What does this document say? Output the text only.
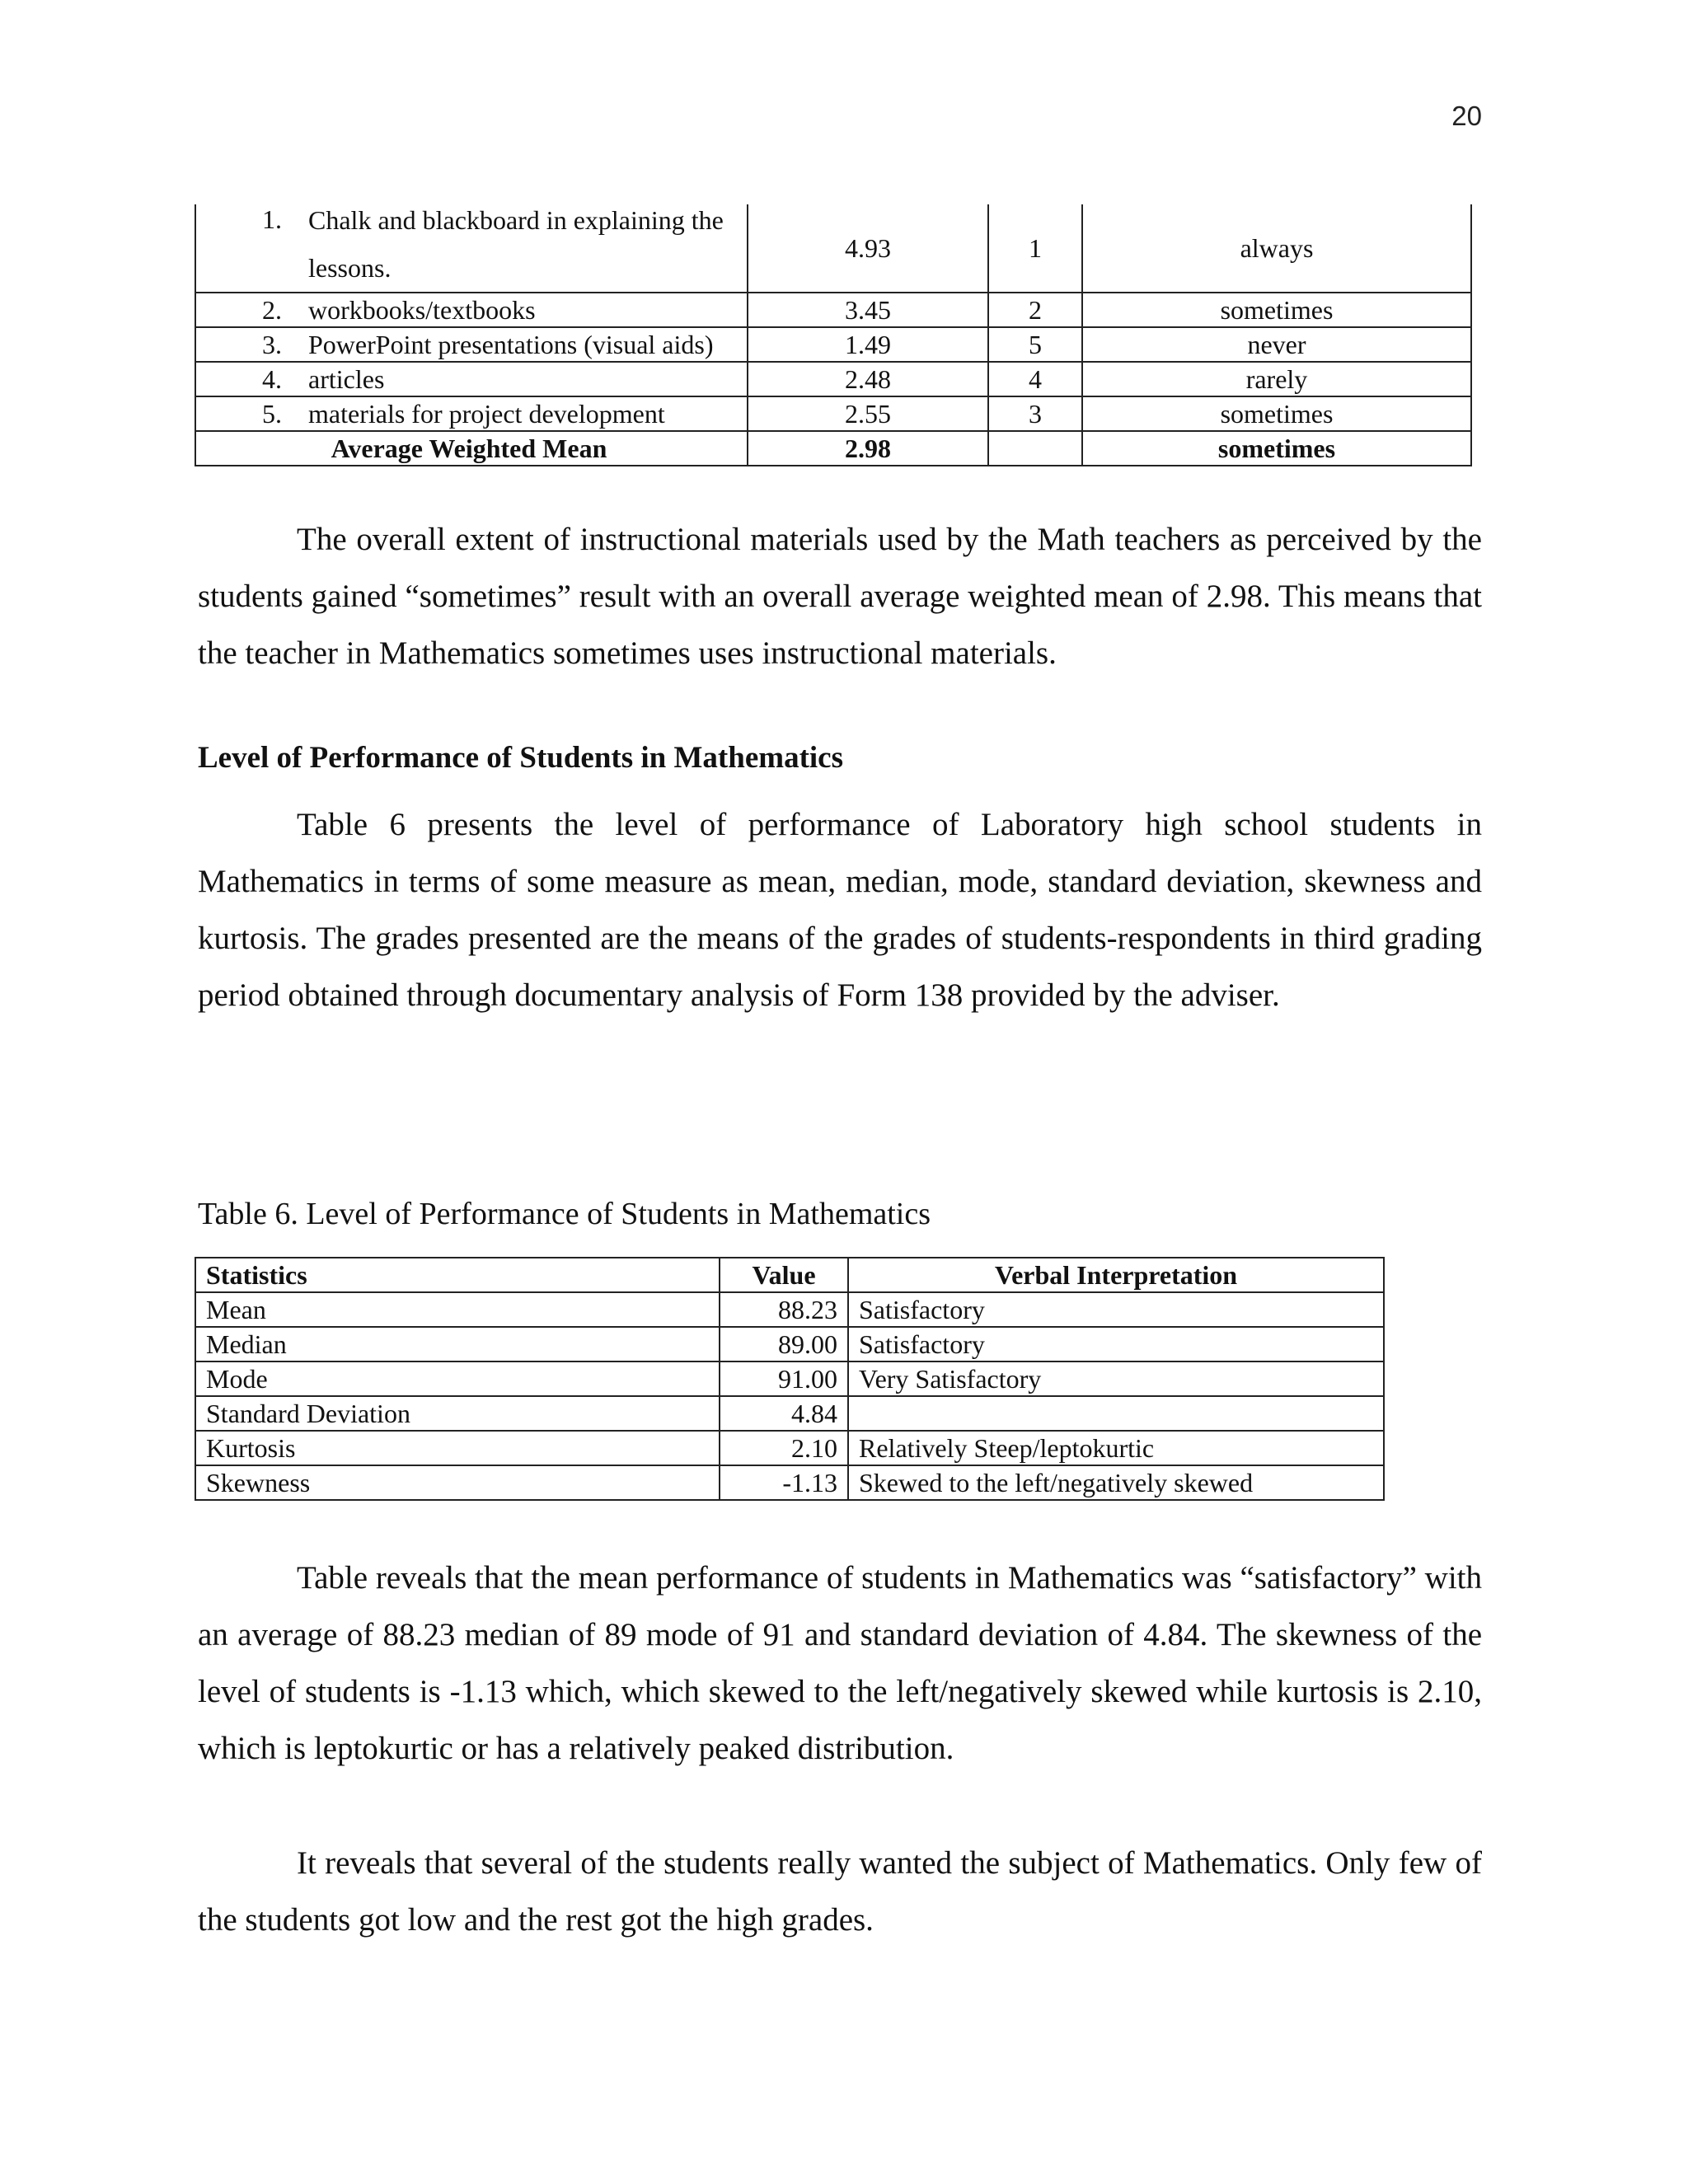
20
1. Chalk and blackboard in explaining the lessons.	4.93	1	always

2. workbooks/textbooks	3.45	2	sometimes

3. PowerPoint presentations (visual aids)	1.49	5	never

4. articles	2.48	4	rarely

5. materials for project development	2.55	3	sometimes
Average Weighted Mean	2.98		sometimes

The overall extent of instructional materials used by the Math teachers as perceived by the students gained “sometimes” result with an overall average weighted mean of 2.98. This means that the teacher in Mathematics sometimes uses instructional materials.

Level of Performance of Students in Mathematics

Table 6 presents the level of performance of Laboratory high school students in Mathematics in terms of some measure as mean, median, mode, standard deviation, skewness and kurtosis. The grades presented are the means of the grades of students-respondents in third grading period obtained through documentary analysis of Form 138 provided by the adviser.

Table 6. Level of Performance of Students in Mathematics

Statistics	Value	Verbal Interpretation
Mean	88.23	Satisfactory
Median	89.00	Satisfactory
Mode	91.00	Very Satisfactory
Standard Deviation	4.84	
Kurtosis	2.10	Relatively Steep/leptokurtic
Skewness	-1.13	Skewed to the left/negatively skewed

Table reveals that the mean performance of students in Mathematics was “satisfactory” with an average of 88.23 median of 89 mode of 91 and standard deviation of 4.84. The skewness of the level of students is -1.13 which, which skewed to the left/negatively skewed while kurtosis is 2.10, which is leptokurtic or has a relatively peaked distribution.

It reveals that several of the students really wanted the subject of Mathematics. Only few of the students got low and the rest got the high grades.
